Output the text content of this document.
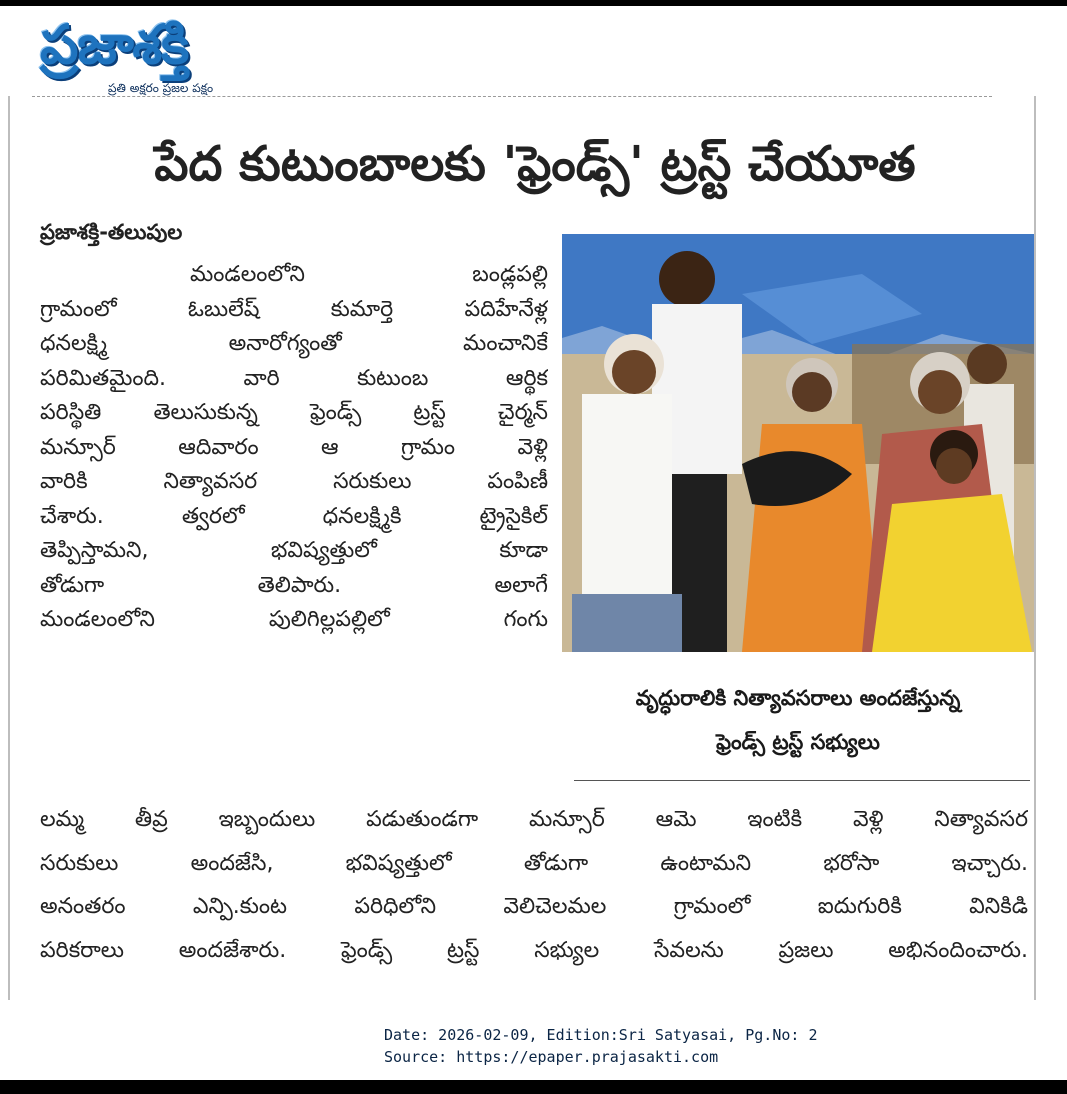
ప్రజాశక్తి
ప్రతి అక్షరం ప్రజల పక్షం
పేద కుటుంబాలకు 'ఫ్రెండ్స్' ట్రస్ట్ చేయూత
ప్రజాశక్తి-తలుపుల
మండలంలోని బండ్లపల్లి
గ్రామంలో ఓబులేష్ కుమార్తె పదిహేనేళ్ల
ధనలక్ష్మి అనారోగ్యంతో మంచానికే
పరిమితమైంది. వారి కుటుంబ ఆర్థిక
పరిస్థితి తెలుసుకున్న ఫ్రెండ్స్ ట్రస్ట్ చైర్మన్
మన్సూర్ ఆదివారం ఆ గ్రామం వెళ్లి
వారికి నిత్యావసర సరుకులు పంపిణీ
చేశారు. త్వరలో ధనలక్ష్మికి ట్రైసైకిల్
తెప్పిస్తామని, భవిష్యత్తులో కూడా
తోడుగా తెలిపారు. అలాగే
మండలంలోని పులిగిల్లపల్లిలో గంగు
వృద్ధురాలికి నిత్యావసరాలు అందజేస్తున్న
ఫ్రెండ్స్ ట్రస్ట్ సభ్యులు
లమ్మ తీవ్ర ఇబ్బందులు పడుతుండగా మన్సూర్ ఆమె ఇంటికి వెళ్లి నిత్యావసర
సరుకులు అందజేసి, భవిష్యత్తులో తోడుగా ఉంటామని భరోసా ఇచ్చారు.
అనంతరం ఎన్పి.కుంట పరిధిలోని వెలిచెలమల గ్రామంలో ఐదుగురికి వినికిడి
పరికరాలు అందజేశారు. ఫ్రెండ్స్ ట్రస్ట్ సభ్యుల సేవలను ప్రజలు అభినందించారు.
Date: 2026-02-09, Edition:Sri Satyasai, Pg.No: 2
Source: https://epaper.prajasakti.com
